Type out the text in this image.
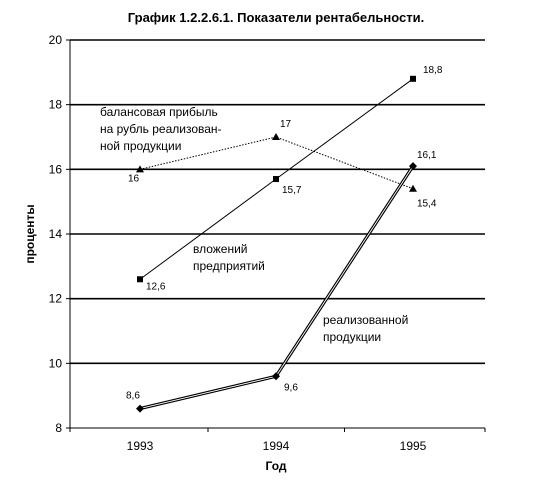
График 1.2.2.6.1. Показатели рентабельности.
проценты
Год
8
10
12
14
16
18
20
1993	1994	1995
16
17
15,4
12,6
15,7
18,8
8,6
9,6
16,1
балансовая прибыль
на рубль реализован-
ной продукции
вложений
предприятий
реализованной
продукции
